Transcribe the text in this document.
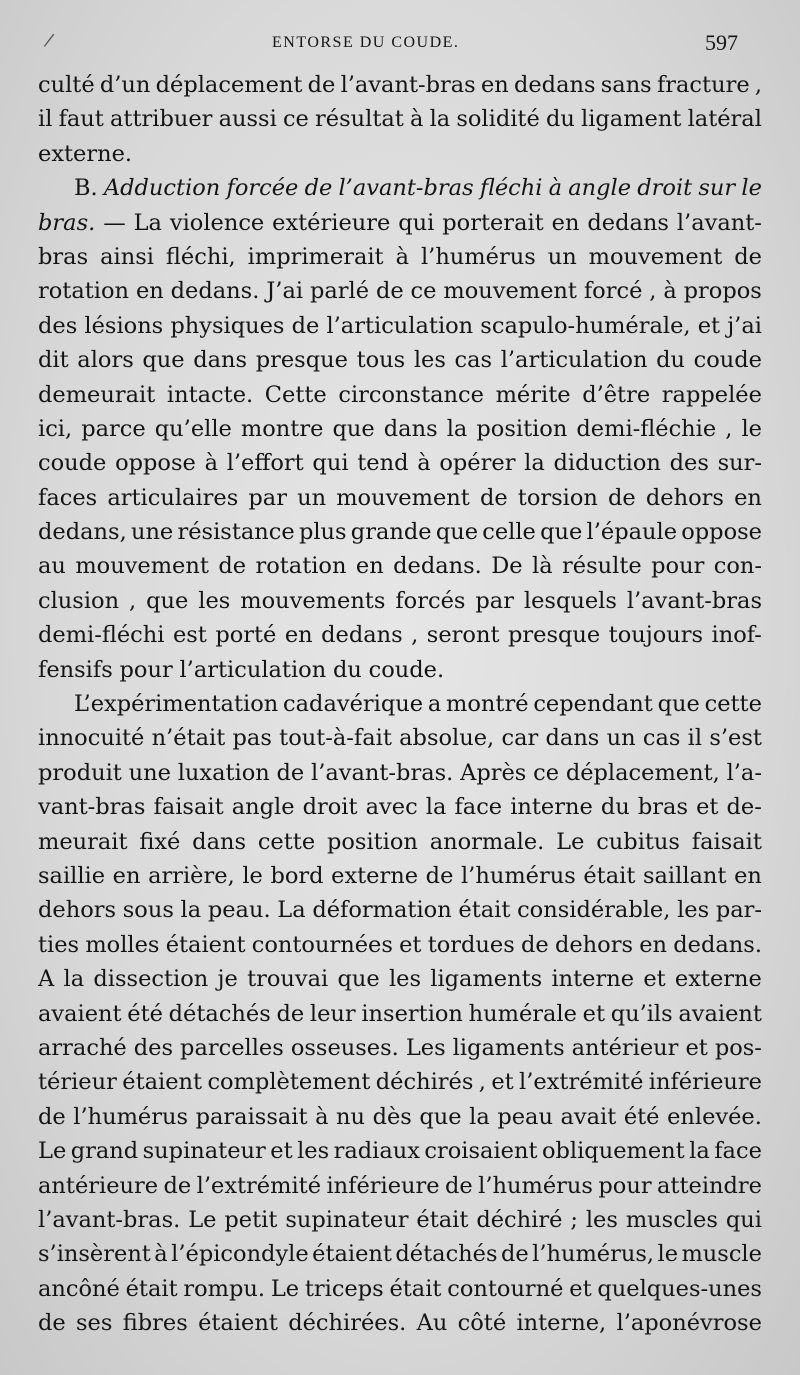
/	ENTORSE DU COUDE.	597
culté d’un déplacement de l’avant-bras en dedans sans fracture ,
il faut attribuer aussi ce résultat à la solidité du ligament latéral
externe.
B. Adduction forcée de l’avant-bras fléchi à angle droit sur le
bras. — La violence extérieure qui porterait en dedans l’avant-
bras ainsi fléchi, imprimerait à l’humérus un mouvement de
rotation en dedans. J’ai parlé de ce mouvement forcé , à propos
des lésions physiques de l’articulation scapulo-humérale, et j’ai
dit alors que dans presque tous les cas l’articulation du coude
demeurait intacte. Cette circonstance mérite d’être rappelée
ici, parce qu’elle montre que dans la position demi-fléchie , le
coude oppose à l’effort qui tend à opérer la diduction des sur-
faces articulaires par un mouvement de torsion de dehors en
dedans, une résistance plus grande que celle que l’épaule oppose
au mouvement de rotation en dedans. De là résulte pour con-
clusion , que les mouvements forcés par lesquels l’avant-bras
demi-fléchi est porté en dedans , seront presque toujours inof-
fensifs pour l’articulation du coude.
L’expérimentation cadavérique a montré cependant que cette
innocuité n’était pas tout-à-fait absolue, car dans un cas il s’est
produit une luxation de l’avant-bras. Après ce déplacement, l’a-
vant-bras faisait angle droit avec la face interne du bras et de-
meurait fixé dans cette position anormale. Le cubitus faisait
saillie en arrière, le bord externe de l’humérus était saillant en
dehors sous la peau. La déformation était considérable, les par-
ties molles étaient contournées et tordues de dehors en dedans.
A la dissection je trouvai que les ligaments interne et externe
avaient été détachés de leur insertion humérale et qu’ils avaient
arraché des parcelles osseuses. Les ligaments antérieur et pos-
térieur étaient complètement déchirés , et l’extrémité inférieure
de l’humérus paraissait à nu dès que la peau avait été enlevée.
Le grand supinateur et les radiaux croisaient obliquement la face
antérieure de l’extrémité inférieure de l’humérus pour atteindre
l’avant-bras. Le petit supinateur était déchiré ; les muscles qui
s’insèrent à l’épicondyle étaient détachés de l’humérus, le muscle
ancôné était rompu. Le triceps était contourné et quelques-unes
de ses fibres étaient déchirées. Au côté interne, l’aponévrose
